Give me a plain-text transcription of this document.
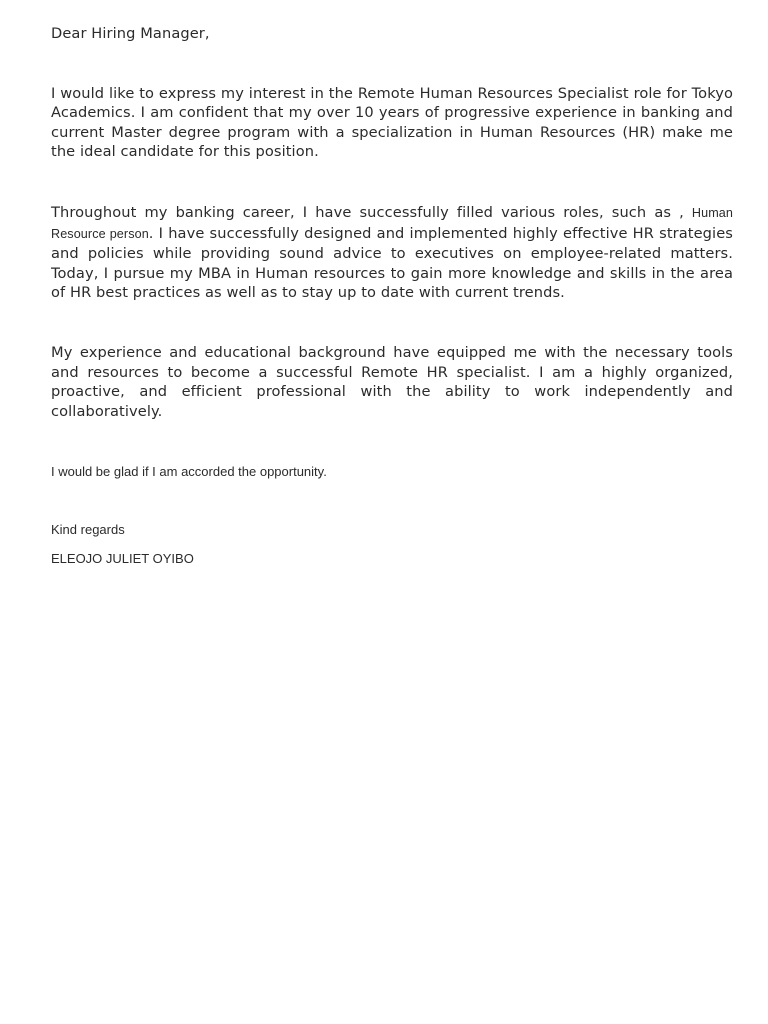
Dear Hiring Manager,

I would like to express my interest in the Remote Human Resources Specialist role for Tokyo Academics. I am confident that my over 10 years of progressive experience in banking and current Master degree program with a specialization in Human Resources (HR) make me the ideal candidate for this position.

Throughout my banking career, I have successfully filled various roles, such as , Human Resource person. I have successfully designed and implemented highly effective HR strategies and policies while providing sound advice to executives on employee-related matters. Today, I pursue my MBA in Human resources to gain more knowledge and skills in the area of HR best practices as well as to stay up to date with current trends.

My experience and educational background have equipped me with the necessary tools and resources to become a successful Remote HR specialist. I am a highly organized, proactive, and efficient professional with the ability to work independently and collaboratively.

I would be glad if I am accorded the opportunity.

Kind regards

ELEOJO JULIET OYIBO
